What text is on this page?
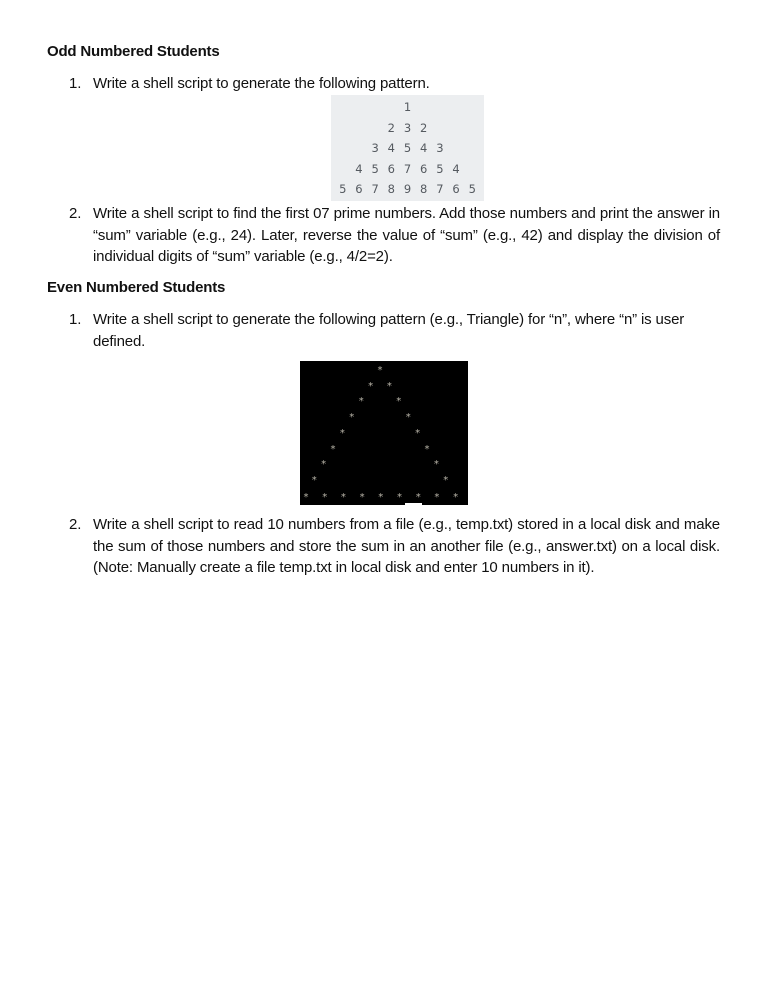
Odd Numbered Students
1. Write a shell script to generate the following pattern.
1
2 3 2
3 4 5 4 3
4 5 6 7 6 5 4
5 6 7 8 9 8 7 6 5
2. Write a shell script to find the first 07 prime numbers. Add those numbers and print the answer in “sum” variable (e.g., 24). Later, reverse the value of “sum” (e.g., 42) and display the division of individual digits of “sum” variable (e.g., 4/2=2).
Even Numbered Students
1. Write a shell script to generate the following pattern (e.g., Triangle) for “n”, where “n” is user defined.
*
* *
*	*
*	*
*	*
*	*
*	*
*	*
* * * * * * * * *
2. Write a shell script to read 10 numbers from a file (e.g., temp.txt) stored in a local disk and make the sum of those numbers and store the sum in an another file (e.g., answer.txt) on a local disk. (Note: Manually create a file temp.txt in local disk and enter 10 numbers in it).
